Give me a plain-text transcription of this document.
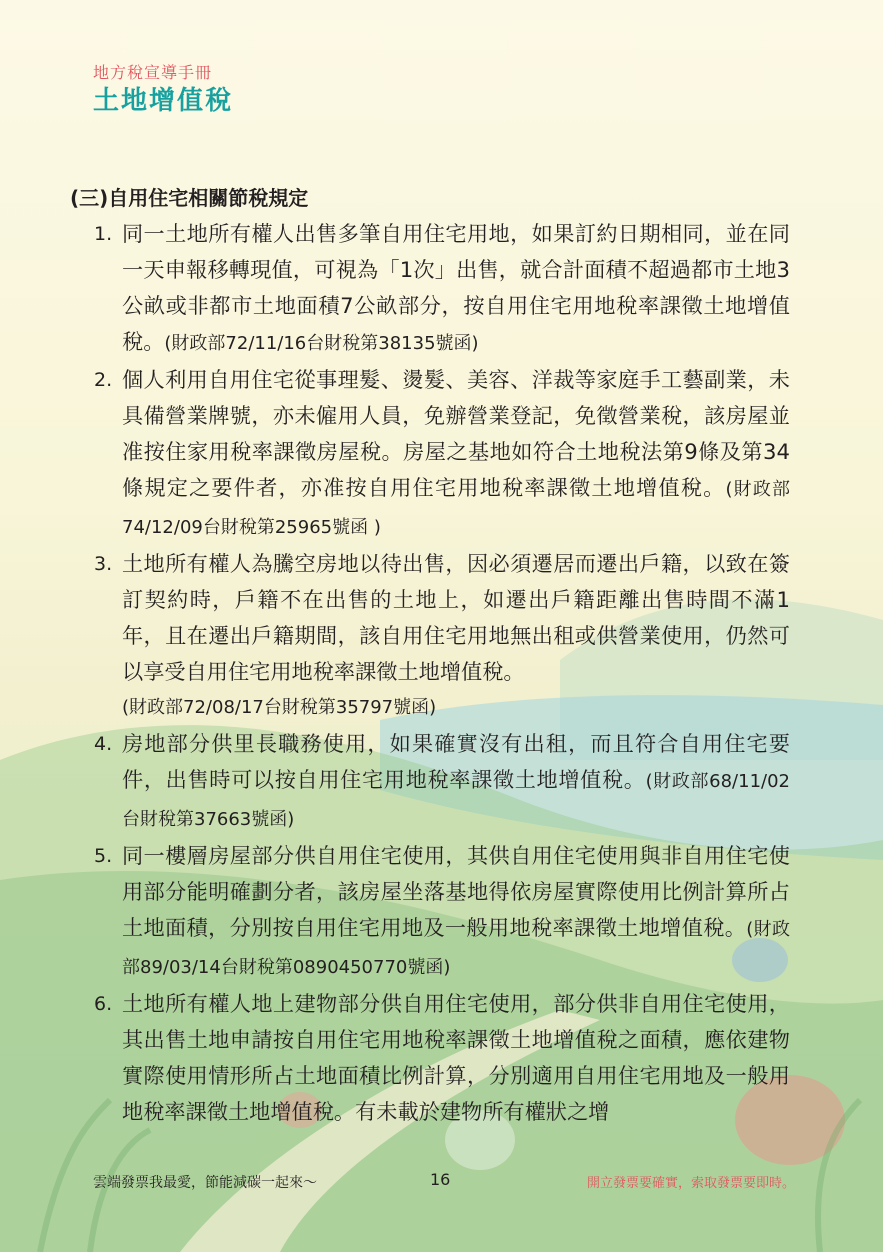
地方稅宣導手冊
土地增值稅
(三)自用住宅相關節稅規定
1. 同一土地所有權人出售多筆自用住宅用地，如果訂約日期相同，並在同一天申報移轉現值，可視為「1次」出售，就合計面積不超過都市土地3公畝或非都市土地面積7公畝部分，按自用住宅用地稅率課徵土地增值稅。(財政部72/11/16台財稅第38135號函)
2. 個人利用自用住宅從事理髮、燙髮、美容、洋裁等家庭手工藝副業，未具備營業牌號，亦未僱用人員，免辦營業登記，免徵營業稅，該房屋並准按住家用稅率課徵房屋稅。房屋之基地如符合土地稅法第9條及第34條規定之要件者，亦准按自用住宅用地稅率課徵土地增值稅。(財政部74/12/09台財稅第25965號函 )
3. 土地所有權人為騰空房地以待出售，因必須遷居而遷出戶籍，以致在簽訂契約時，戶籍不在出售的土地上，如遷出戶籍距離出售時間不滿1年，且在遷出戶籍期間，該自用住宅用地無出租或供營業使用，仍然可以享受自用住宅用地稅率課徵土地增值稅。
(財政部72/08/17台財稅第35797號函)
4. 房地部分供里長職務使用，如果確實沒有出租，而且符合自用住宅要件，出售時可以按自用住宅用地稅率課徵土地增值稅。(財政部68/11/02台財稅第37663號函)
5. 同一樓層房屋部分供自用住宅使用，其供自用住宅使用與非自用住宅使用部分能明確劃分者，該房屋坐落基地得依房屋實際使用比例計算所占土地面積，分別按自用住宅用地及一般用地稅率課徵土地增值稅。(財政部89/03/14台財稅第0890450770號函)
6. 土地所有權人地上建物部分供自用住宅使用，部分供非自用住宅使用，其出售土地申請按自用住宅用地稅率課徵土地增值稅之面積，應依建物實際使用情形所占土地面積比例計算，分別適用自用住宅用地及一般用地稅率課徵土地增值稅。有未載於建物所有權狀之增
雲端發票我最愛，節能減碳一起來～	16	開立發票要確實，索取發票要即時。
